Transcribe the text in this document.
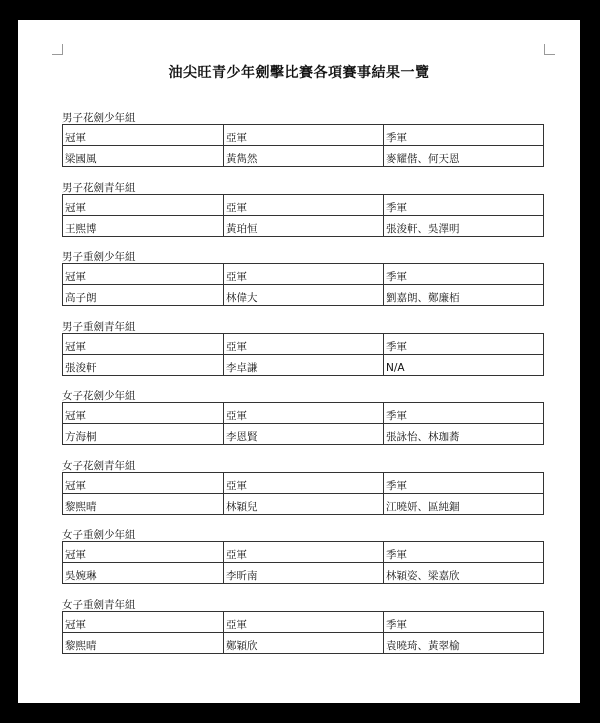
油尖旺青少年劍擊比賽各項賽事結果一覽
男子花劍少年組
冠軍	亞軍	季軍
梁國風	黃雋然	麥耀偕、何天恩
男子花劍青年組
冠軍	亞軍	季軍
王熙博	黃珀恒	張浚軒、吳澤明
男子重劍少年組
冠軍	亞軍	季軍
高子朗	林偉大	劉嘉朗、鄭廉栢
男子重劍青年組
冠軍	亞軍	季軍
張浚軒	李卓謙	N/A
女子花劍少年組
冠軍	亞軍	季軍
方海桐	李恩賢	張詠怡、林珈蕎
女子花劍青年組
冠軍	亞軍	季軍
黎熙晴	林穎兒	江曉妍、區純錮
女子重劍少年組
冠軍	亞軍	季軍
吳婉琳	李昕南	林穎姿、梁嘉欣
女子重劍青年組
冠軍	亞軍	季軍
黎熙晴	鄭穎欣	袁曉琦、黃翠榆
